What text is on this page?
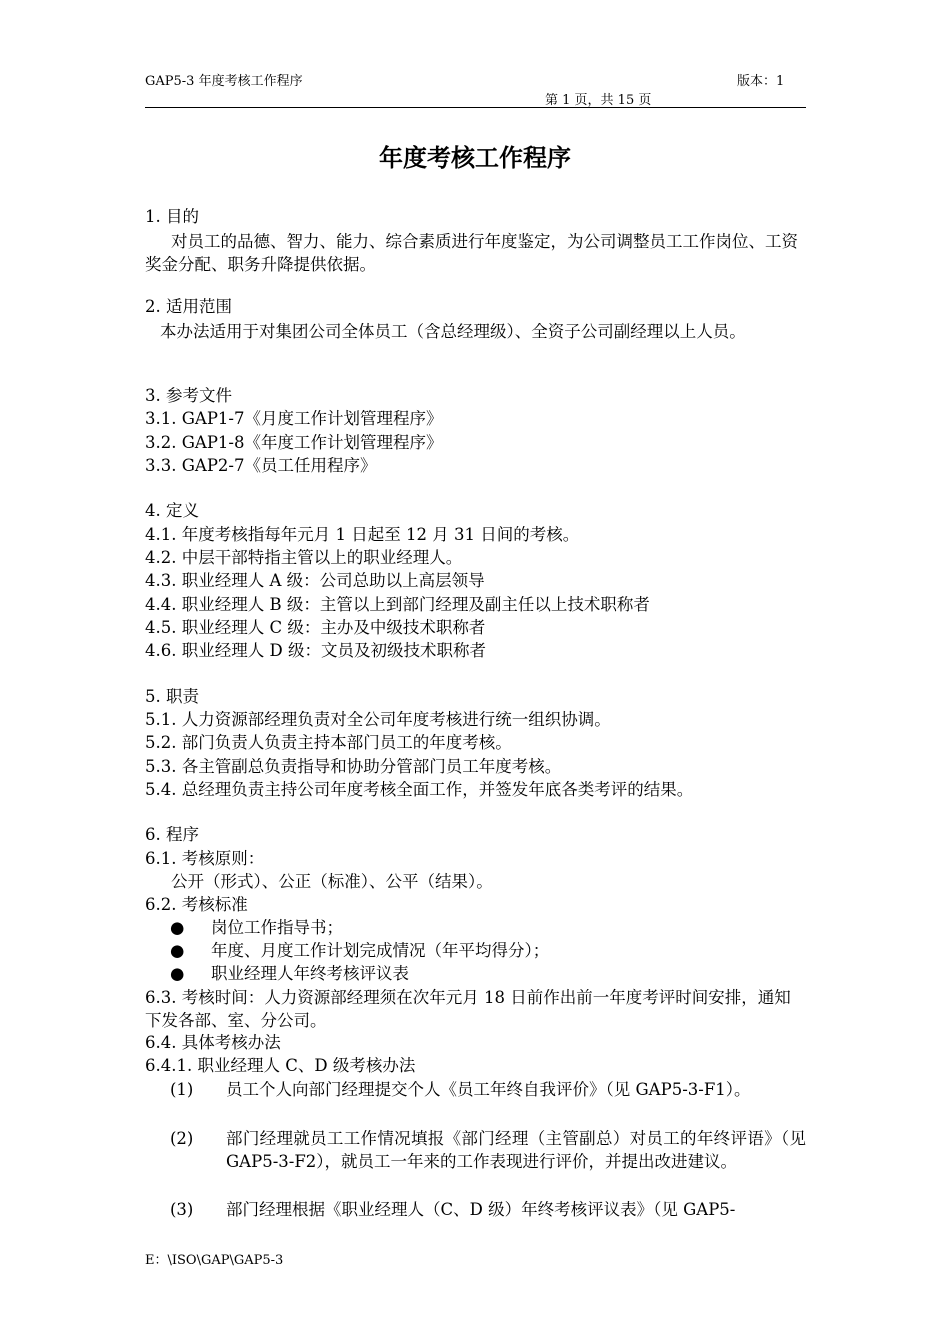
GAP5-3 年度考核工作程序	版本：1
第 1 页，共 15 页
年度考核工作程序
1. 目的
对员工的品德、智力、能力、综合素质进行年度鉴定，为公司调整员工工作岗位、工资奖金分配、职务升降提供依据。
2. 适用范围
本办法适用于对集团公司全体员工（含总经理级）、全资子公司副经理以上人员。
3. 参考文件
3.1. GAP1-7《月度工作计划管理程序》
3.2. GAP1-8《年度工作计划管理程序》
3.3. GAP2-7《员工任用程序》
4. 定义
4.1. 年度考核指每年元月 1 日起至 12 月 31 日间的考核。
4.2. 中层干部特指主管以上的职业经理人。
4.3. 职业经理人 A 级：公司总助以上高层领导
4.4. 职业经理人 B 级：主管以上到部门经理及副主任以上技术职称者
4.5. 职业经理人 C 级：主办及中级技术职称者
4.6. 职业经理人 D 级：文员及初级技术职称者
5. 职责
5.1. 人力资源部经理负责对全公司年度考核进行统一组织协调。
5.2. 部门负责人负责主持本部门员工的年度考核。
5.3. 各主管副总负责指导和协助分管部门员工年度考核。
5.4. 总经理负责主持公司年度考核全面工作，并签发年底各类考评的结果。
6. 程序
6.1. 考核原则：
公开（形式）、公正（标准）、公平（结果）。
6.2. 考核标准
● 岗位工作指导书；
● 年度、月度工作计划完成情况（年平均得分）；
● 职业经理人年终考核评议表
6.3. 考核时间：人力资源部经理须在次年元月 18 日前作出前一年度考评时间安排，通知下发各部、室、分公司。
6.4. 具体考核办法
6.4.1. 职业经理人 C、D 级考核办法
(1)	员工个人向部门经理提交个人《员工年终自我评价》（见 GAP5-3-F1）。
(2)	部门经理就员工工作情况填报《部门经理（主管副总）对员工的年终评语》（见 GAP5-3-F2），就员工一年来的工作表现进行评价，并提出改进建议。
(3)	部门经理根据《职业经理人（C、D 级）年终考核评议表》（见 GAP5-
E：\ISO\GAP\GAP5-3
